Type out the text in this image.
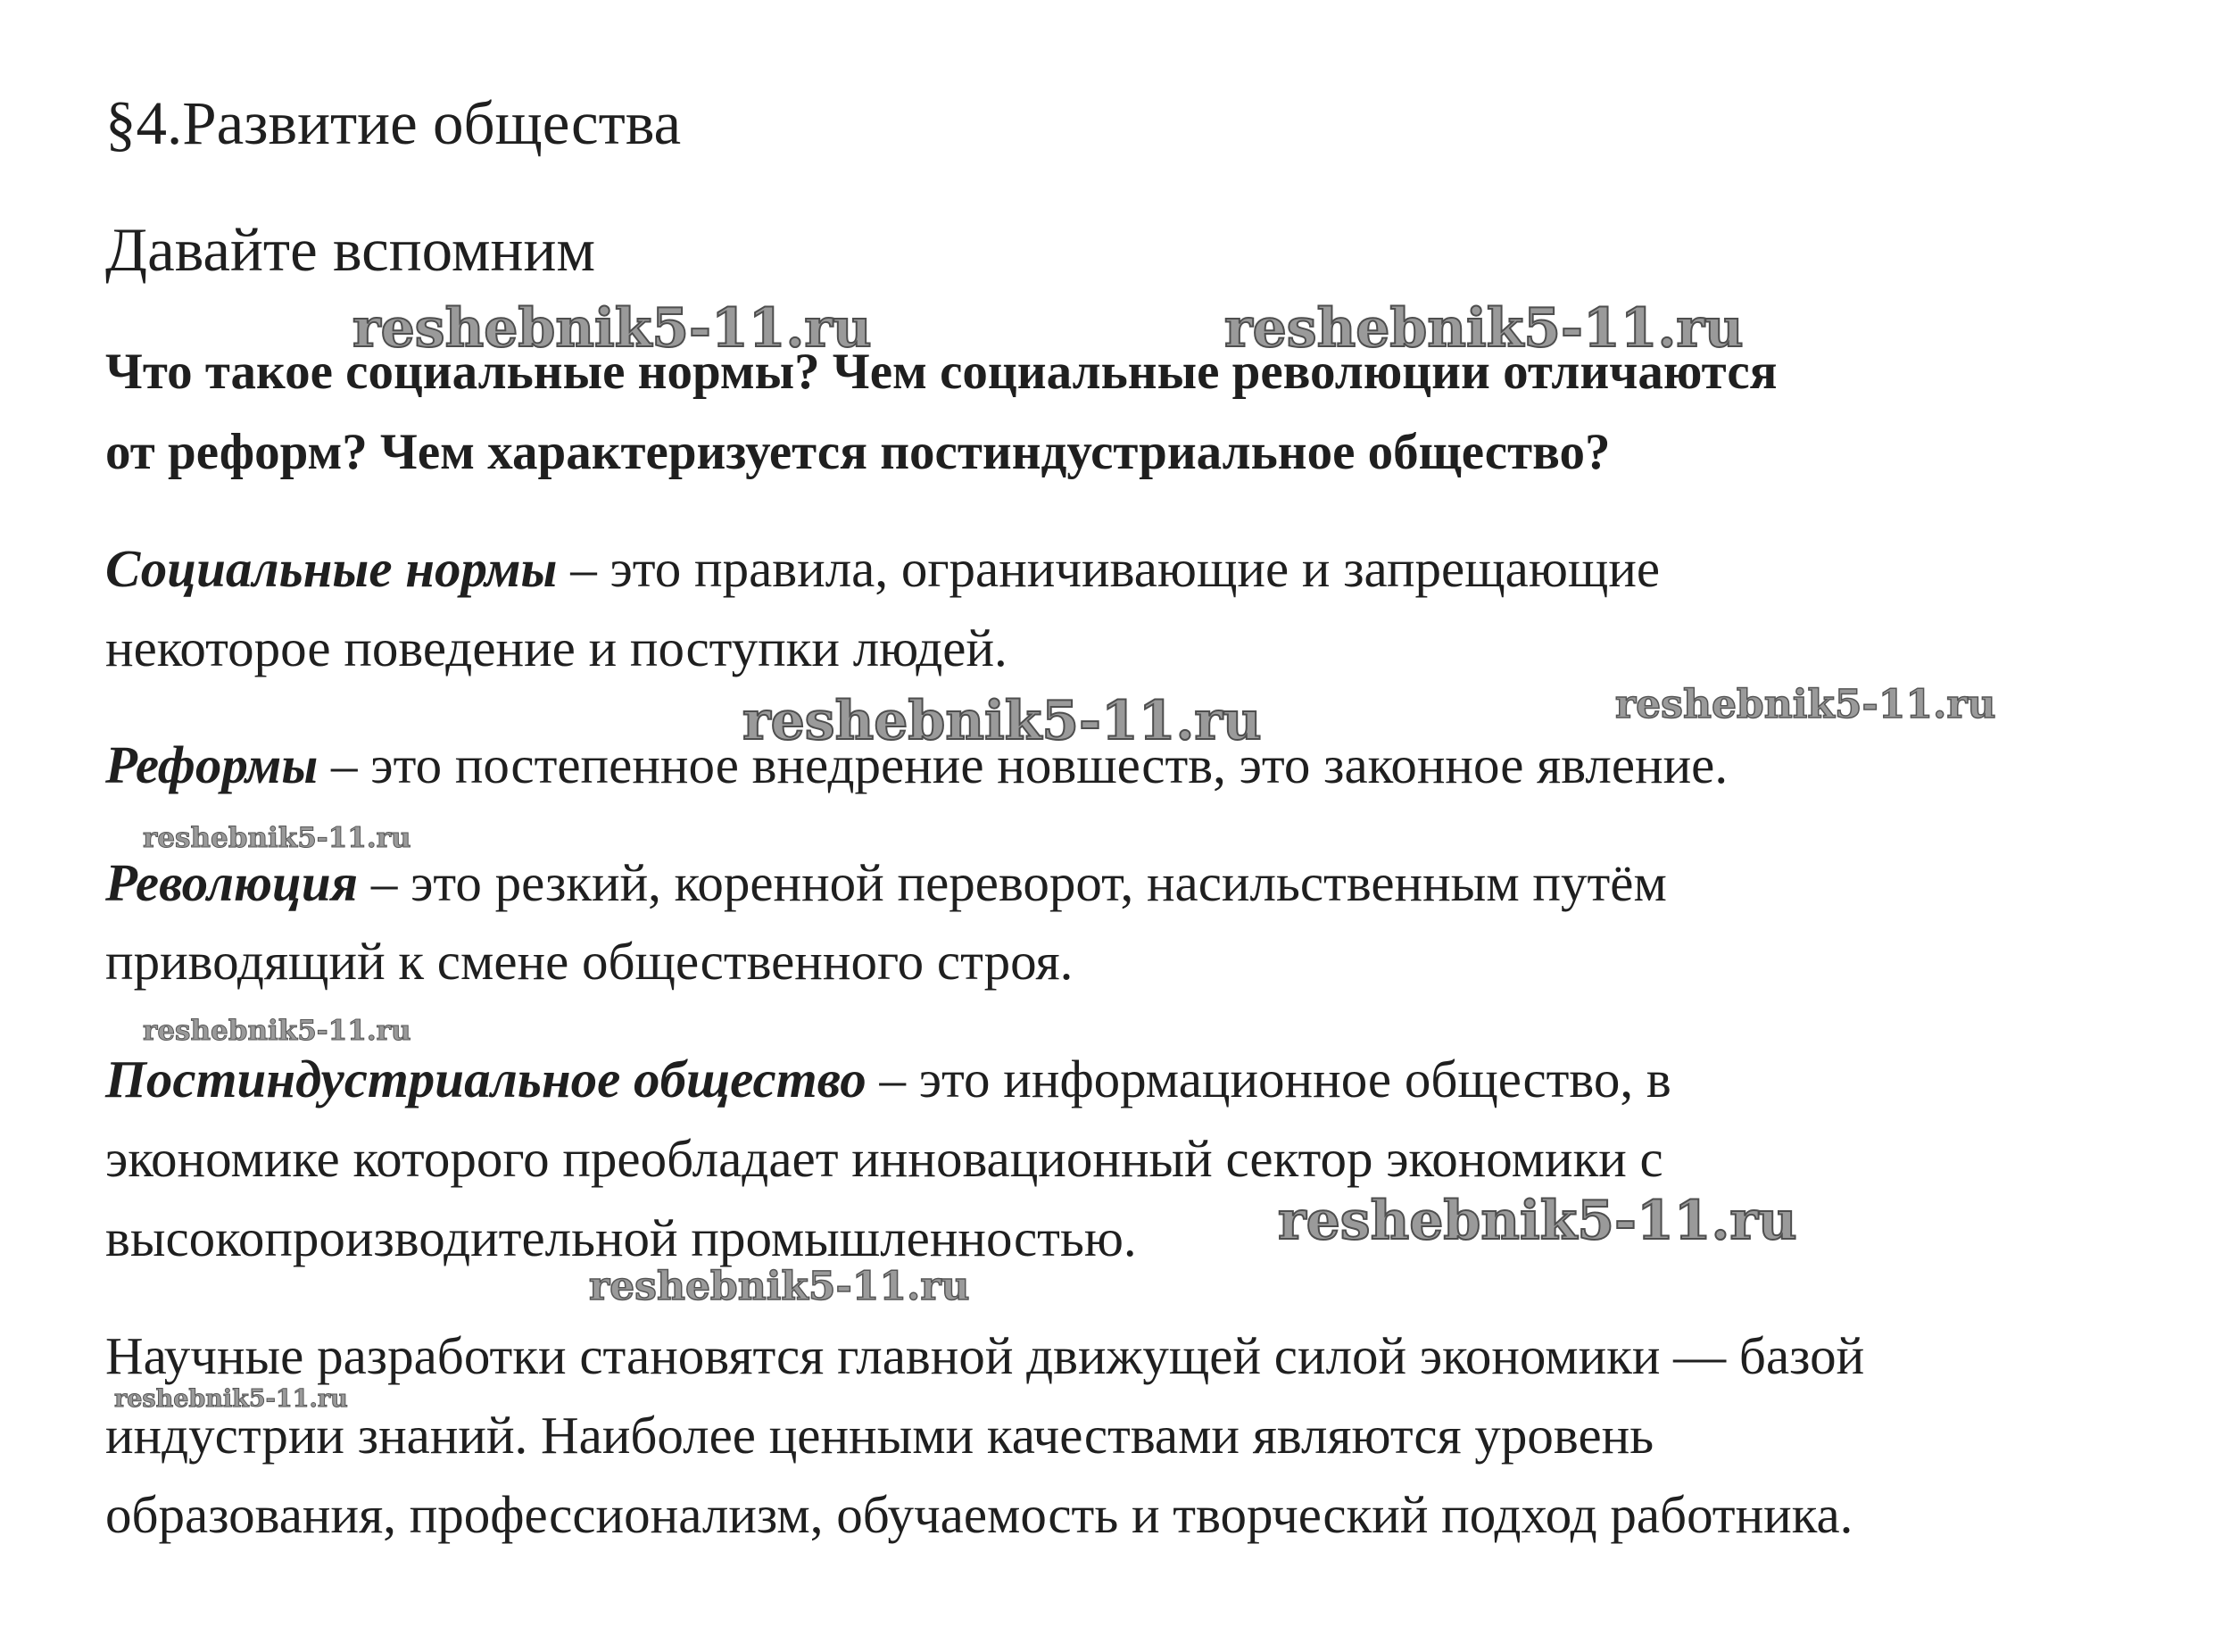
§4.Развитие общества
Давайте вспомним
Что такое социальные нормы? Чем социальные революции отличаются
от реформ? Чем характеризуется постиндустриальное общество?
Социальные нормы – это правила, ограничивающие и запрещающие
некоторое поведение и поступки людей.
Реформы – это постепенное внедрение новшеств, это законное явление.
Революция – это резкий, коренной переворот, насильственным путём
приводящий к смене общественного строя.
Постиндустриальное общество – это информационное общество, в
экономике которого преобладает инновационный сектор экономики с
высокопроизводительной промышленностью.
Научные разработки становятся главной движущей силой экономики — базой
индустрии знаний. Наиболее ценными качествами являются уровень
образования, профессионализм, обучаемость и творческий подход работника.
reshebnik5-11.ru	reshebnik5-11.ru
reshebnik5-11.ru	reshebnik5-11.ru
reshebnik5-11.ru
reshebnik5-11.ru
reshebnik5-11.ru
reshebnik5-11.ru
reshebnik5-11.ru
